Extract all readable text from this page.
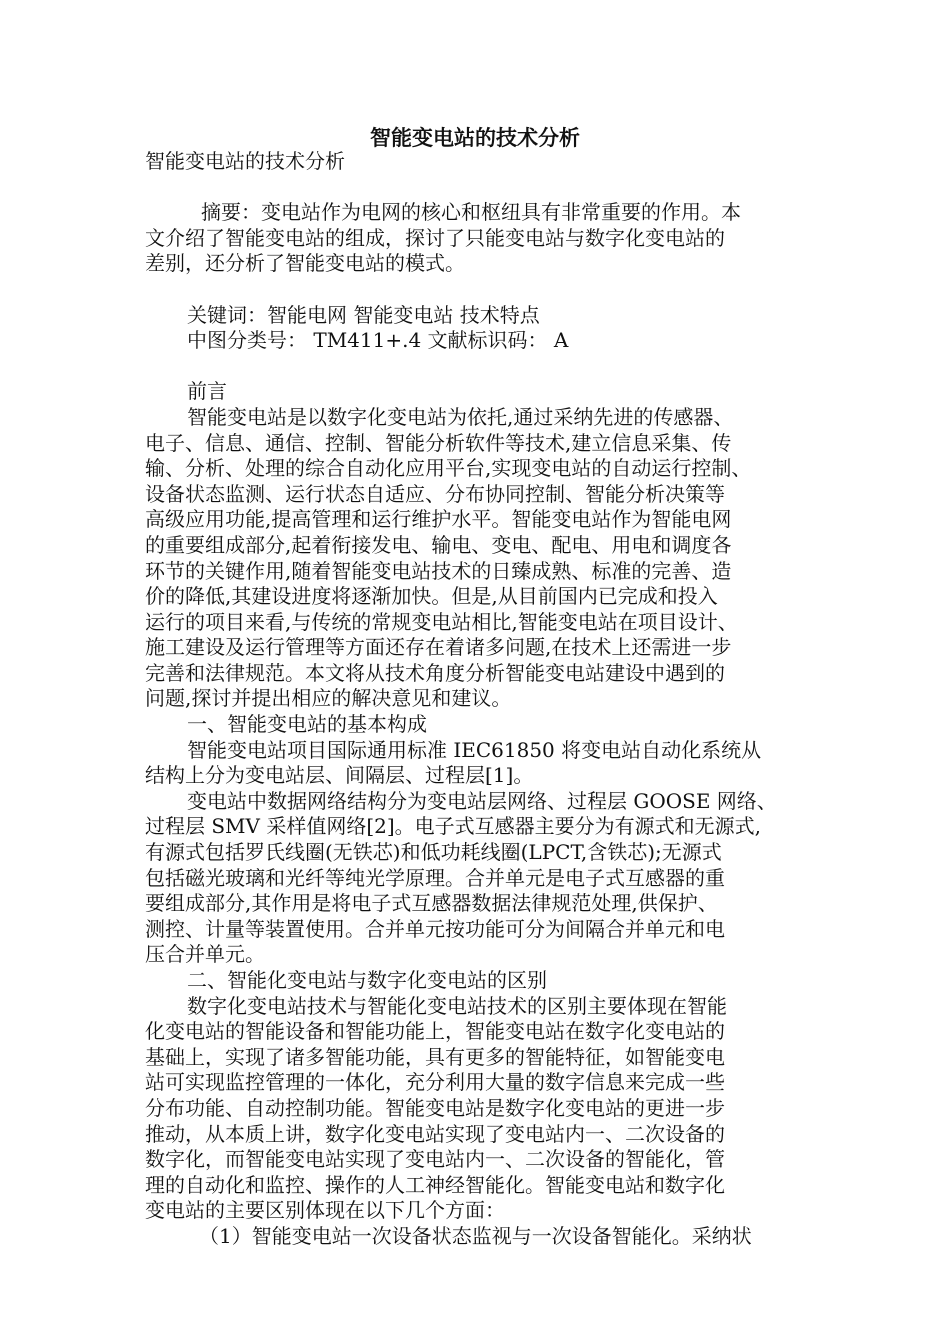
智能变电站的技术分析
智能变电站的技术分析
摘要：变电站作为电网的核心和枢纽具有非常重要的作用。本
文介绍了智能变电站的组成，探讨了只能变电站与数字化变电站的
差别，还分析了智能变电站的模式。
关键词：智能电网 智能变电站 技术特点
中图分类号： TM411+.4 文献标识码： A
前言
智能变电站是以数字化变电站为依托,通过采纳先进的传感器、
电子、信息、通信、控制、智能分析软件等技术,建立信息采集、传
输、分析、处理的综合自动化应用平台,实现变电站的自动运行控制、
设备状态监测、运行状态自适应、分布协同控制、智能分析决策等
高级应用功能,提高管理和运行维护水平。智能变电站作为智能电网
的重要组成部分,起着衔接发电、输电、变电、配电、用电和调度各
环节的关键作用,随着智能变电站技术的日臻成熟、标准的完善、造
价的降低,其建设进度将逐渐加快。但是,从目前国内已完成和投入
运行的项目来看,与传统的常规变电站相比,智能变电站在项目设计、
施工建设及运行管理等方面还存在着诸多问题,在技术上还需进一步
完善和法律规范。本文将从技术角度分析智能变电站建设中遇到的
问题,探讨并提出相应的解决意见和建议。
一、智能变电站的基本构成
智能变电站项目国际通用标准 IEC61850 将变电站自动化系统从
结构上分为变电站层、间隔层、过程层[1]。
变电站中数据网络结构分为变电站层网络、过程层 GOOSE 网络、
过程层 SMV 采样值网络[2]。电子式互感器主要分为有源式和无源式,
有源式包括罗氏线圈(无铁芯)和低功耗线圈(LPCT,含铁芯);无源式
包括磁光玻璃和光纤等纯光学原理。合并单元是电子式互感器的重
要组成部分,其作用是将电子式互感器数据法律规范处理,供保护、
测控、计量等装置使用。合并单元按功能可分为间隔合并单元和电
压合并单元。
二、智能化变电站与数字化变电站的区别
数字化变电站技术与智能化变电站技术的区别主要体现在智能
化变电站的智能设备和智能功能上，智能变电站在数字化变电站的
基础上，实现了诸多智能功能，具有更多的智能特征，如智能变电
站可实现监控管理的一体化，充分利用大量的数字信息来完成一些
分布功能、自动控制功能。智能变电站是数字化变电站的更进一步
推动，从本质上讲，数字化变电站实现了变电站内一、二次设备的
数字化，而智能变电站实现了变电站内一、二次设备的智能化，管
理的自动化和监控、操作的人工神经智能化。智能变电站和数字化
变电站的主要区别体现在以下几个方面：
（1）智能变电站一次设备状态监视与一次设备智能化。采纳状
